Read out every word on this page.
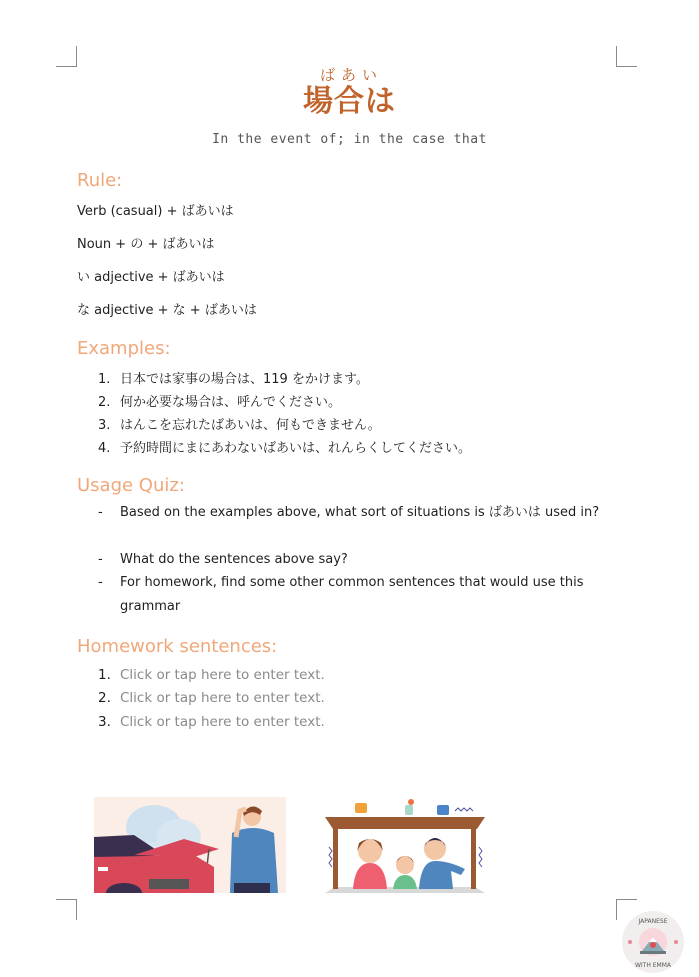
ばあい
場合は
In the event of; in the case that
Rule:
Verb (casual) + ばあいは
Noun + の + ばあいは
い adjective + ばあいは
な adjective + な + ばあいは
Examples:
1. 日本では家事の場合は、119 をかけます。
2. 何か必要な場合は、呼んでください。
3. はんこを忘れたばあいは、何もできません。
4. 予約時間にまにあわないばあいは、れんらくしてください。
Usage Quiz:
- Based on the examples above, what sort of situations is ばあいは used in?
- What do the sentences above say?
- For homework, find some other common sentences that would use this grammar
Homework sentences:
1. Click or tap here to enter text.
2. Click or tap here to enter text.
3. Click or tap here to enter text.
JAPANESE
WITH EMMA
